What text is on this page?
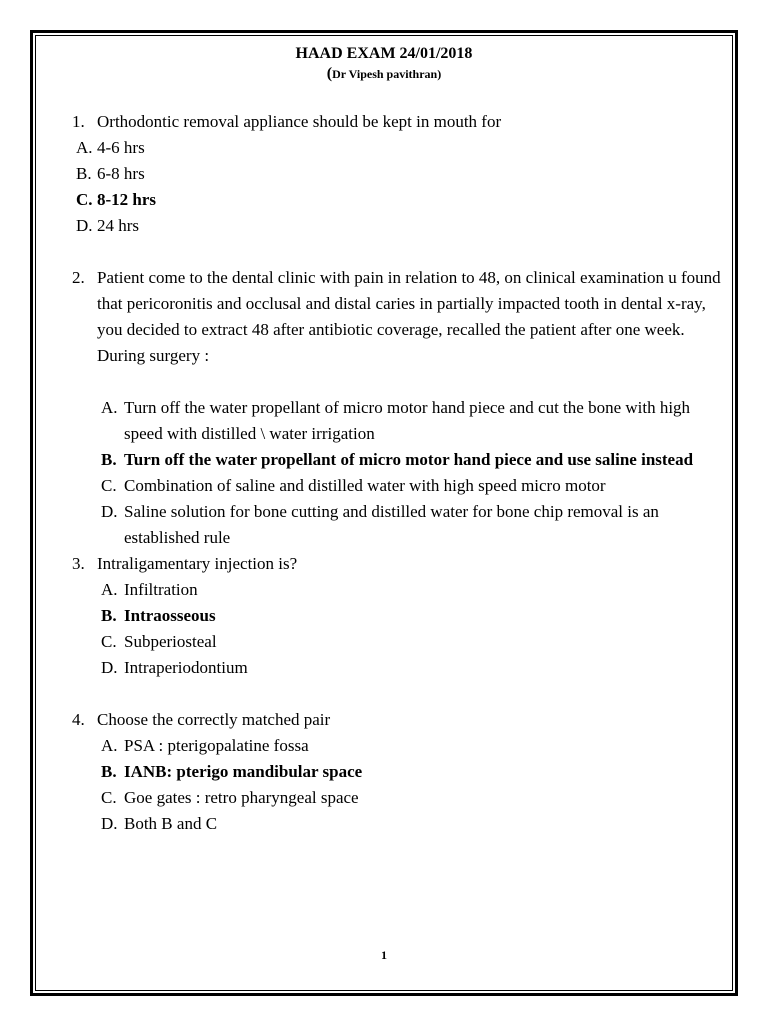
HAAD EXAM 24/01/2018
(Dr Vipesh pavithran)
1. Orthodontic removal appliance should be kept in mouth for
A. 4-6 hrs
B. 6-8 hrs
C. 8-12 hrs
D. 24 hrs
2. Patient come to the dental clinic with pain in relation to 48, on clinical examination u found that pericoronitis and occlusal and distal caries in partially impacted tooth in dental x-ray, you decided to extract 48 after antibiotic coverage, recalled the patient after one week. During surgery :
A. Turn off the water propellant of micro motor hand piece and cut the bone with high speed with distilled \ water irrigation
B. Turn off the water propellant of micro motor hand piece and use saline instead
C. Combination of saline and distilled water with high speed micro motor
D. Saline solution for bone cutting and distilled water for bone chip removal is an established rule
3. Intraligamentary injection is?
A. Infiltration
B. Intraosseous
C. Subperiosteal
D. Intraperiodontium
4. Choose the correctly matched pair
A. PSA : pterigopalatine fossa
B. IANB: pterigo mandibular space
C. Goe gates : retro pharyngeal space
D. Both B and C
1
